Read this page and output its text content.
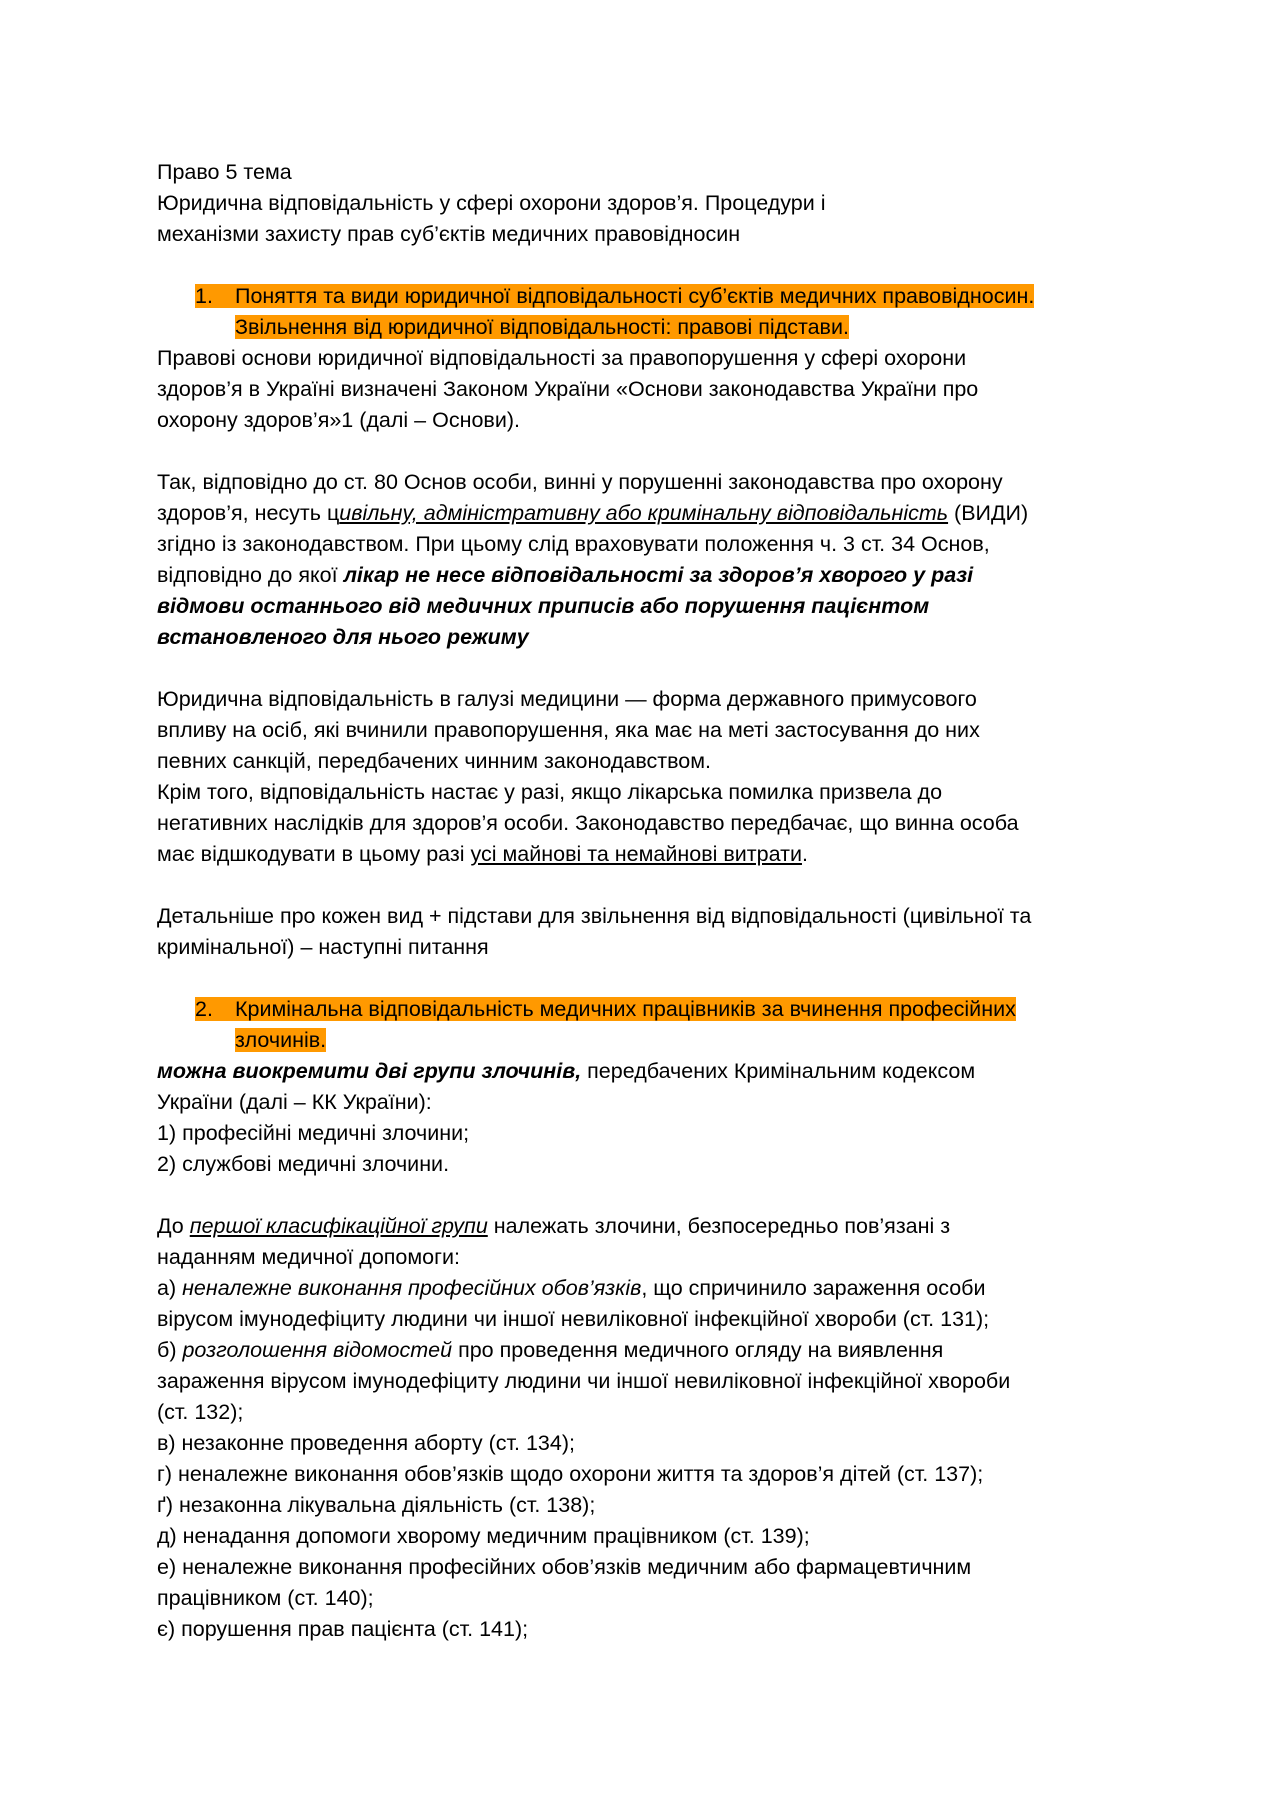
Право 5 тема
Юридична відповідальність у сфері охорони здоров’я. Процедури і
механізми захисту прав суб’єктів медичних правовідносин
1. Поняття та види юридичної відповідальності суб’єктів медичних правовідносин.
Звільнення від юридичної відповідальності: правові підстави.
Правові основи юридичної відповідальності за правопорушення у сфері охорони
здоров’я в Україні визначені Законом України «Основи законодавства України про
охорону здоров’я»1 (далі – Основи).
Так, відповідно до ст. 80 Основ особи, винні у порушенні законодавства про охорону
здоров’я, несуть цивільну, адміністративну або кримінальну відповідальність (ВИДИ)
згідно із законодавством. При цьому слід враховувати положення ч. 3 ст. 34 Основ,
відповідно до якої лікар не несе відповідальності за здоров’я хворого у разі
відмови останнього від медичних приписів або порушення пацієнтом
встановленого для нього режиму
Юридична відповідальність в галузі медицини — форма державного примусового
впливу на осіб, які вчинили правопорушення, яка має на меті застосування до них
певних санкцій, передбачених чинним законодавством.
Крім того, відповідальність настає у разі, якщо лікарська помилка призвела до
негативних наслідків для здоров’я особи. Законодавство передбачає, що винна особа
має відшкодувати в цьому разі усі майнові та немайнові витрати.
Детальніше про кожен вид + підстави для звільнення від відповідальності (цивільної та
кримінальної) – наступні питання
2. Кримінальна відповідальність медичних працівників за вчинення професійних
злочинів.
можна виокремити дві групи злочинів, передбачених Кримінальним кодексом
України (далі – КК України):
1) професійні медичні злочини;
2) службові медичні злочини.
До першої класифікаційної групи належать злочини, безпосередньо пов’язані з
наданням медичної допомоги:
а) неналежне виконання професійних обов’язків, що спричинило зараження особи
вірусом імунодефіциту людини чи іншої невиліковної інфекційної хвороби (ст. 131);
б) розголошення відомостей про проведення медичного огляду на виявлення
зараження вірусом імунодефіциту людини чи іншої невиліковної інфекційної хвороби
(ст. 132);
в) незаконне проведення аборту (ст. 134);
г) неналежне виконання обов’язків щодо охорони життя та здоров’я дітей (ст. 137);
ґ) незаконна лікувальна діяльність (ст. 138);
д) ненадання допомоги хворому медичним працівником (ст. 139);
е) неналежне виконання професійних обов’язків медичним або фармацевтичним
працівником (ст. 140);
є) порушення прав пацієнта (ст. 141);
